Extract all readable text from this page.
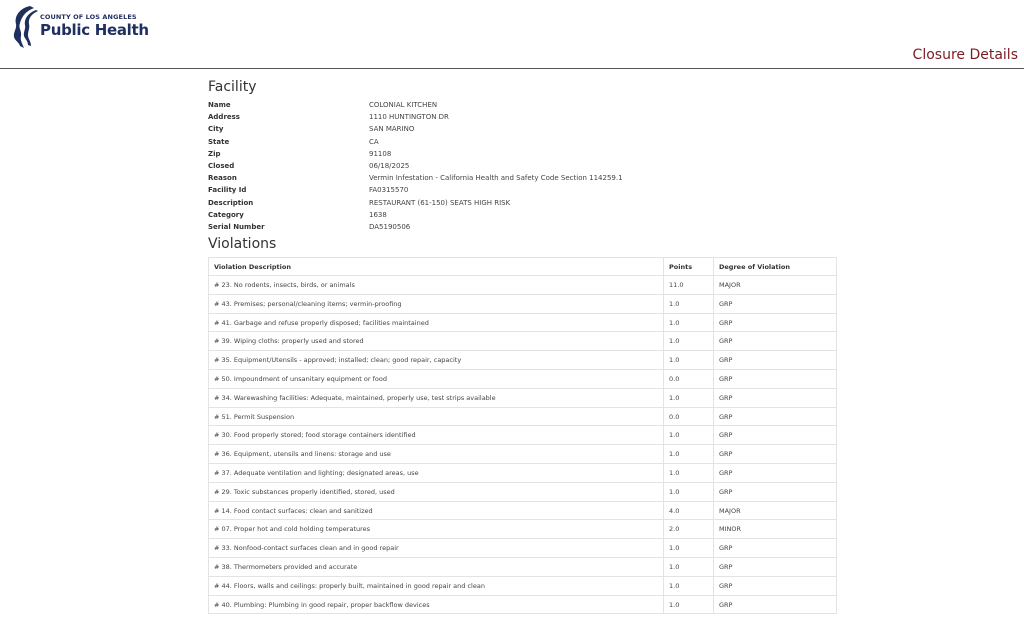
COUNTY OF LOS ANGELES
Public Health
Closure Details
Facility
Name	COLONIAL KITCHEN
Address	1110 HUNTINGTON DR
City	SAN MARINO
State	CA
Zip	91108
Closed	06/18/2025
Reason	Vermin Infestation - California Health and Safety Code Section 114259.1
Facility Id	FA0315570
Description	RESTAURANT (61-150) SEATS HIGH RISK
Category	1638
Serial Number	DA5190506
Violations
Violation Description	Points	Degree of Violation
# 23. No rodents, insects, birds, or animals	11.0	MAJOR
# 43. Premises; personal/cleaning items; vermin-proofing	1.0	GRP
# 41. Garbage and refuse properly disposed; facilities maintained	1.0	GRP
# 39. Wiping cloths: properly used and stored	1.0	GRP
# 35. Equipment/Utensils - approved; installed; clean; good repair, capacity	1.0	GRP
# 50. Impoundment of unsanitary equipment or food	0.0	GRP
# 34. Warewashing facilities: Adequate, maintained, properly use, test strips available	1.0	GRP
# 51. Permit Suspension	0.0	GRP
# 30. Food properly stored; food storage containers identified	1.0	GRP
# 36. Equipment, utensils and linens: storage and use	1.0	GRP
# 37. Adequate ventilation and lighting; designated areas, use	1.0	GRP
# 29. Toxic substances properly identified, stored, used	1.0	GRP
# 14. Food contact surfaces: clean and sanitized	4.0	MAJOR
# 07. Proper hot and cold holding temperatures	2.0	MINOR
# 33. Nonfood-contact surfaces clean and in good repair	1.0	GRP
# 38. Thermometers provided and accurate	1.0	GRP
# 44. Floors, walls and ceilings: properly built, maintained in good repair and clean	1.0	GRP
# 40. Plumbing: Plumbing in good repair, proper backflow devices	1.0	GRP
